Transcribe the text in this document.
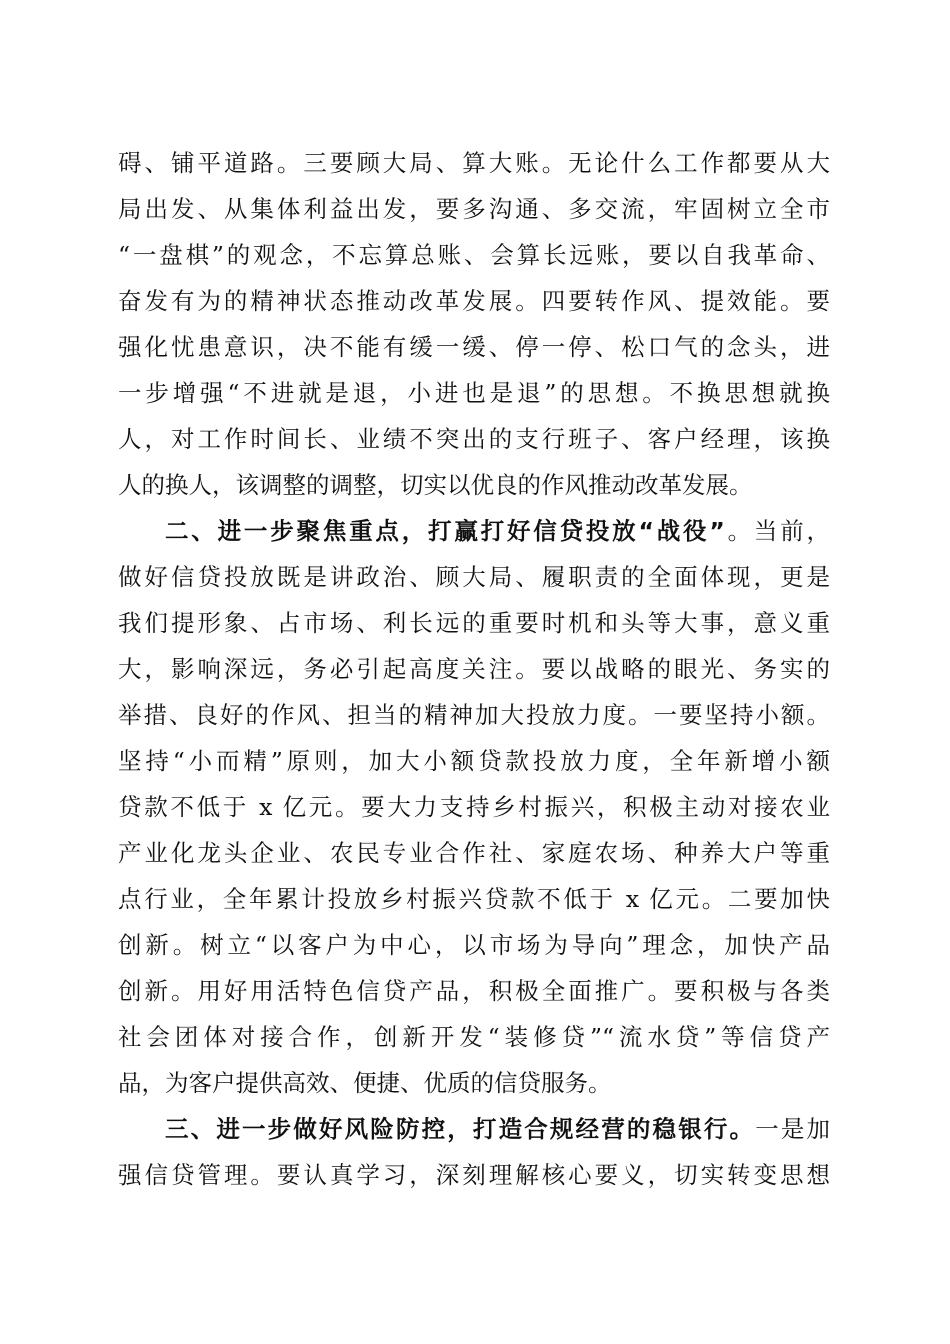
碍、铺平道路。三要顾大局、算大账。无论什么工作都要从大
局出发、从集体利益出发，要多沟通、多交流，牢固树立全市
“一盘棋”的观念，不忘算总账、会算长远账，要以自我革命、
奋发有为的精神状态推动改革发展。四要转作风、提效能。要
强化忧患意识，决不能有缓一缓、停一停、松口气的念头，进
一步增强“不进就是退，小进也是退”的思想。不换思想就换
人，对工作时间长、业绩不突出的支行班子、客户经理，该换
人的换人，该调整的调整，切实以优良的作风推动改革发展。
二、进一步聚焦重点，打赢打好信贷投放“战役”。当前，
做好信贷投放既是讲政治、顾大局、履职责的全面体现，更是
我们提形象、占市场、利长远的重要时机和头等大事，意义重
大，影响深远，务必引起高度关注。要以战略的眼光、务实的
举措、良好的作风、担当的精神加大投放力度。一要坚持小额。
坚持“小而精”原则，加大小额贷款投放力度，全年新增小额
贷款不低于 x 亿元。要大力支持乡村振兴，积极主动对接农业
产业化龙头企业、农民专业合作社、家庭农场、种养大户等重
点行业，全年累计投放乡村振兴贷款不低于 x 亿元。二要加快
创新。树立“以客户为中心，以市场为导向”理念，加快产品
创新。用好用活特色信贷产品，积极全面推广。要积极与各类
社会团体对接合作，创新开发“装修贷”“流水贷”等信贷产
品，为客户提供高效、便捷、优质的信贷服务。
三、进一步做好风险防控，打造合规经营的稳银行。一是加
强信贷管理。要认真学习，深刻理解核心要义，切实转变思想
